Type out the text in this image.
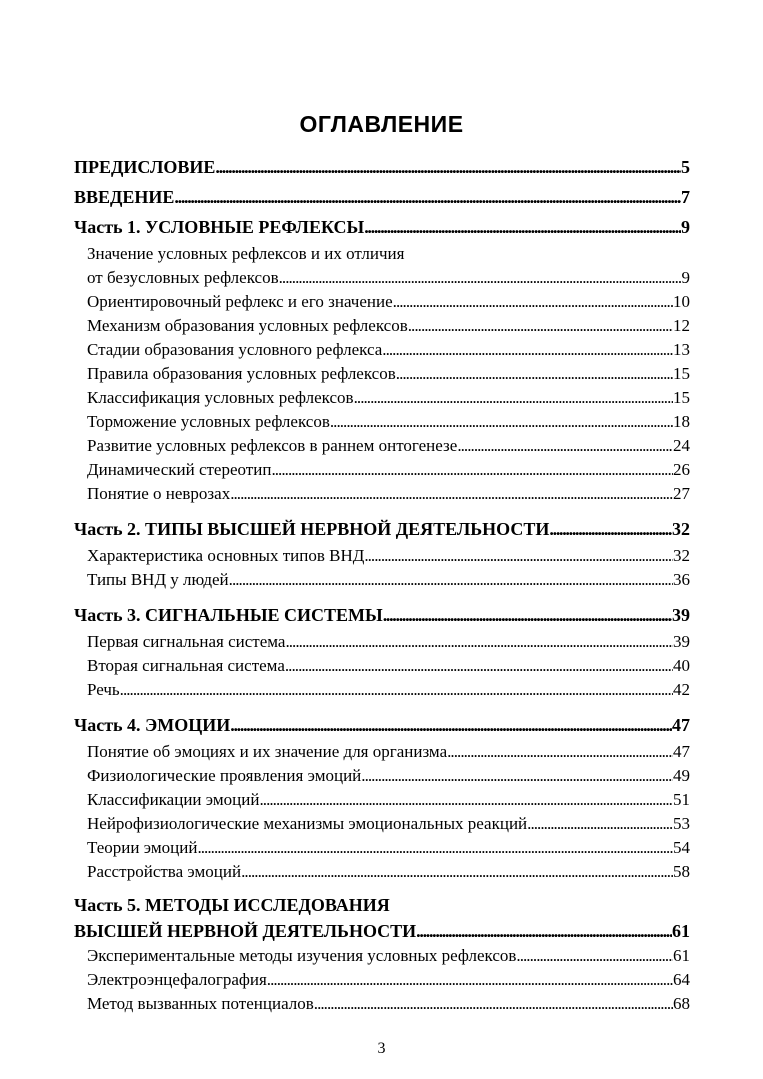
ОГЛАВЛЕНИЕ
ПРЕДИСЛОВИЕ . . .	5
ВВЕДЕНИЕ . . .	7
Часть 1. УСЛОВНЫЕ РЕФЛЕКСЫ . . .	9
Значение условных рефлексов и их отличия
от безусловных рефлексов . . .	9
Ориентировочный рефлекс и его значение . . .	10
Механизм образования условных рефлексов . . .	12
Стадии образования условного рефлекса . . .	13
Правила образования условных рефлексов . . .	15
Классификация условных рефлексов . . .	15
Торможение условных рефлексов . . .	18
Развитие условных рефлексов в раннем онтогенезе . . .	24
Динамический стереотип . . .	26
Понятие о неврозах . . .	27
Часть 2. ТИПЫ ВЫСШЕЙ НЕРВНОЙ ДЕЯТЕЛЬНОСТИ . . .	32
Характеристика основных типов ВНД . . .	32
Типы ВНД у людей . . .	36
Часть 3. СИГНАЛЬНЫЕ СИСТЕМЫ . . .	39
Первая сигнальная система . . .	39
Вторая сигнальная система . . .	40
Речь . . .	42
Часть 4. ЭМОЦИИ . . .	47
Понятие об эмоциях и их значение для организма . . .	47
Физиологические проявления эмоций . . .	49
Классификации эмоций . . .	51
Нейрофизиологические механизмы эмоциональных реакций . . .	53
Теории эмоций . . .	54
Расстройства эмоций . . .	58
Часть 5. МЕТОДЫ ИССЛЕДОВАНИЯ
ВЫСШЕЙ НЕРВНОЙ ДЕЯТЕЛЬНОСТИ . . .	61
Экспериментальные методы изучения условных рефлексов . . .	61
Электроэнцефалография . . .	64
Метод вызванных потенциалов . . .	68
3
